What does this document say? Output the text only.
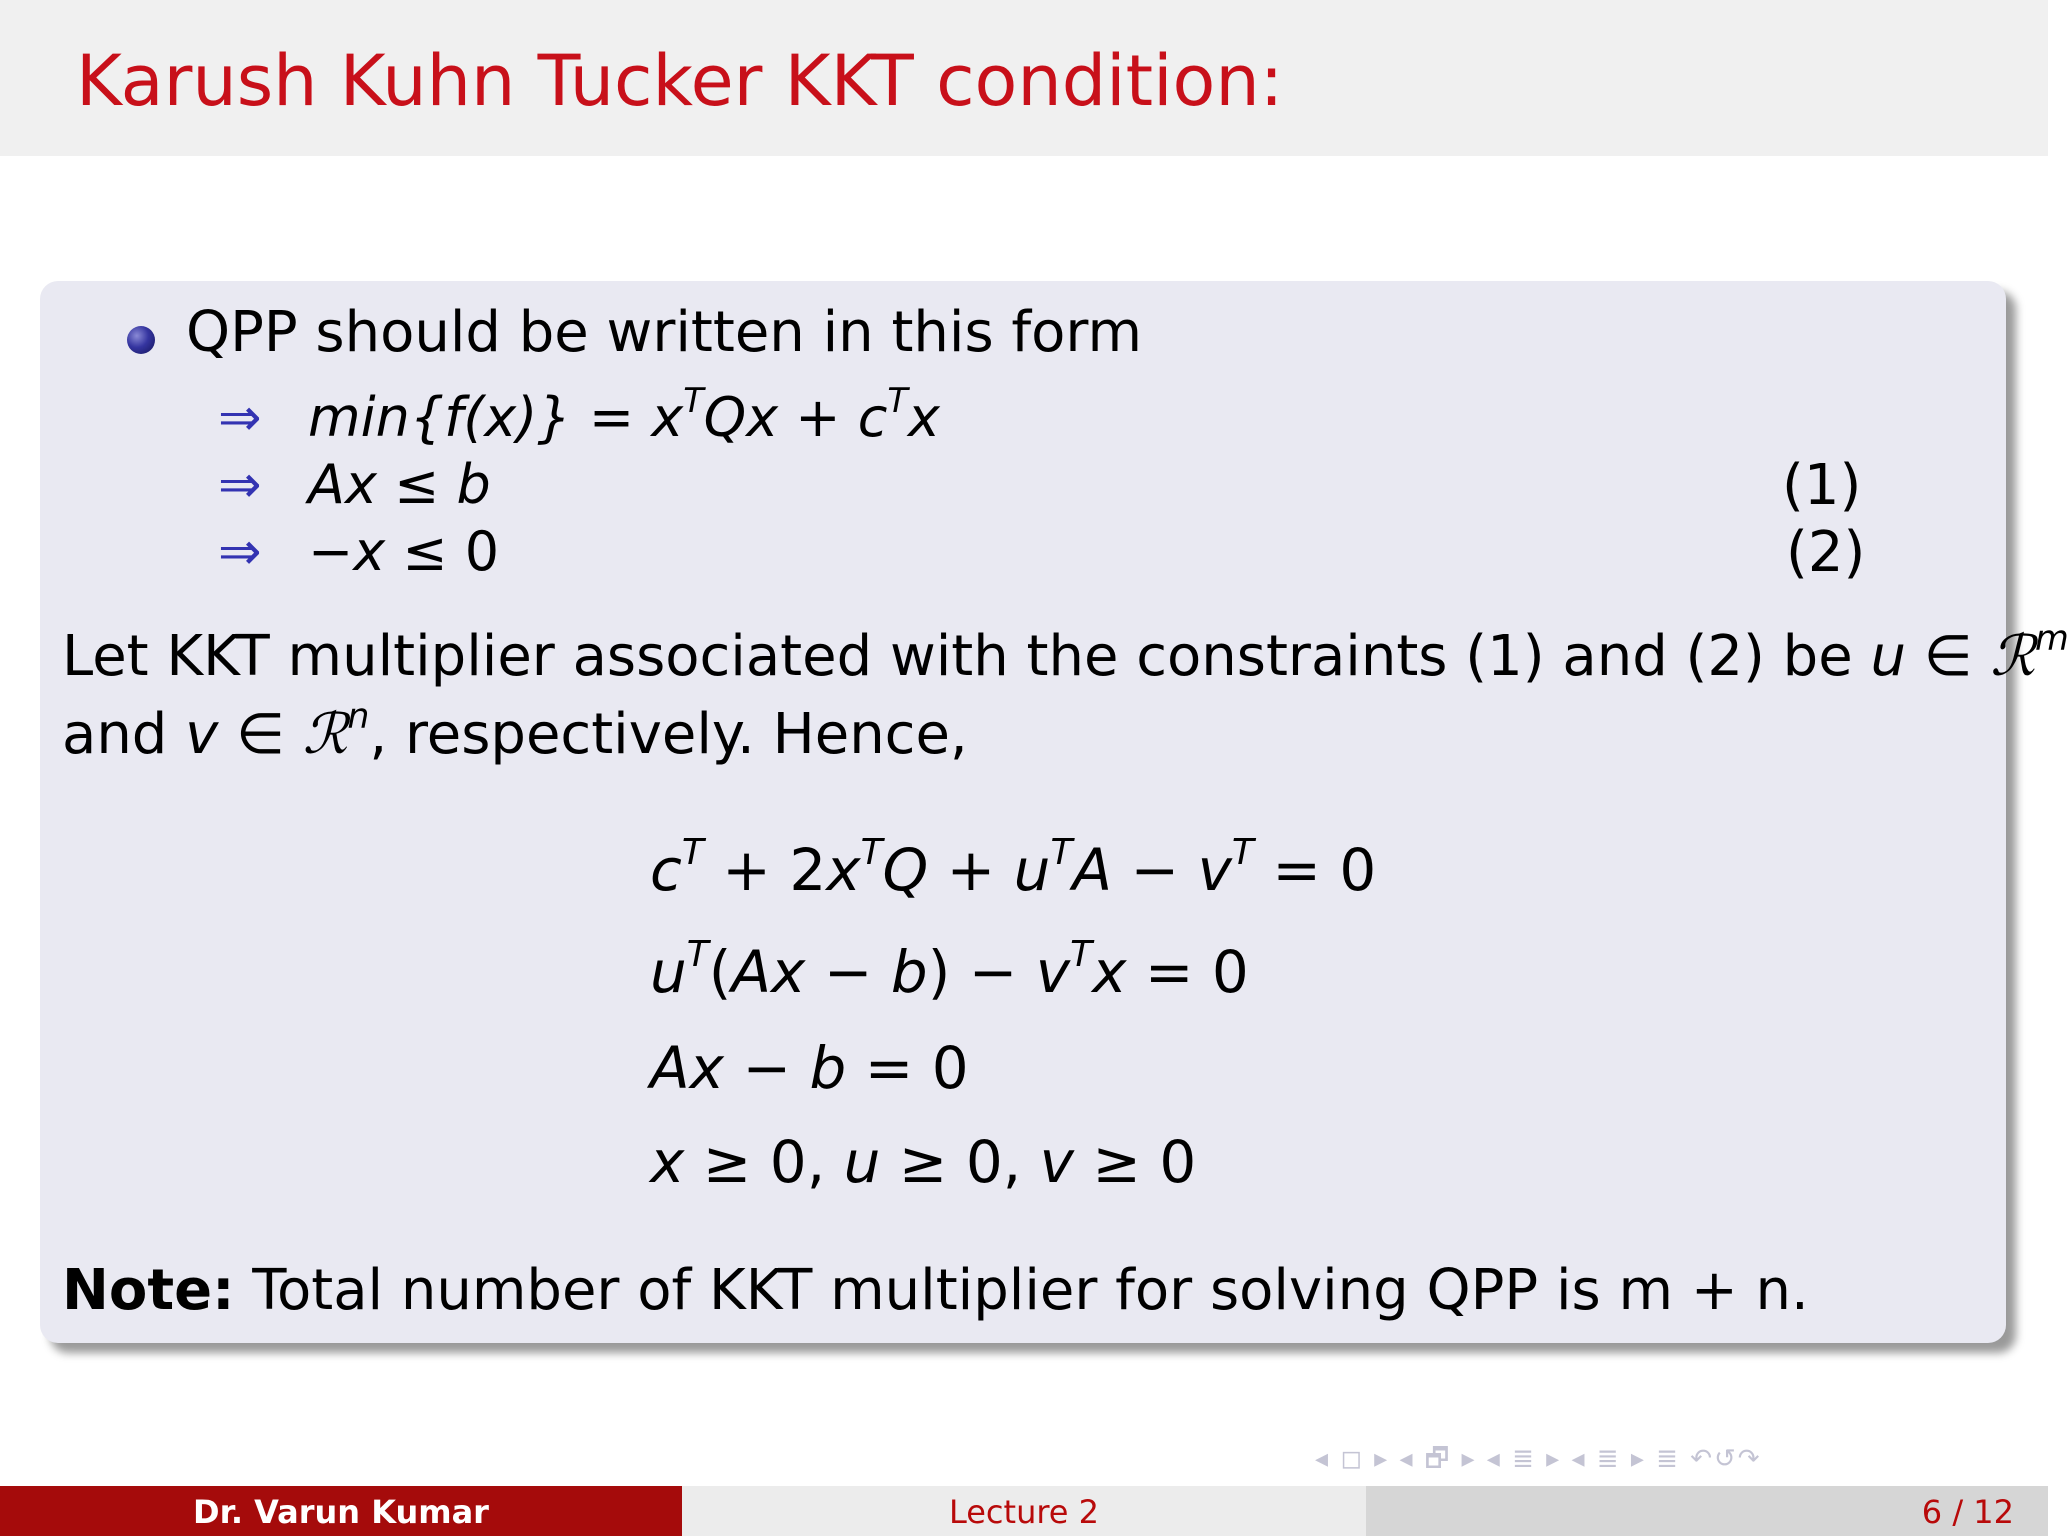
Karush Kuhn Tucker KKT condition:
QPP should be written in this form
⇒ $\min\{f(x)\} = x^TQx + c^Tx$
⇒ Ax ≤ b	(1)
⇒ −x ≤ 0	(2)
Let KKT multiplier associated with the constraints (1) and (2) be u ∈ ℛ$^m$
and v ∈ ℛ$^n$, respectively. Hence,
$c^T + 2x^TQ + u^TA - v^T = 0$
$u^T(Ax - b) - v^Tx = 0$
Ax − b = 0
x ≥ 0, u ≥ 0, v ≥ 0
Note: Total number of KKT multiplier for solving QPP is m + n.
◂ ◻ ▸ ◂ 🗗 ▸ ◂ ≣ ▸ ◂ ≣ ▸ ≣ ↶↺↷
Dr. Varun Kumar	Lecture 2	6 / 12
